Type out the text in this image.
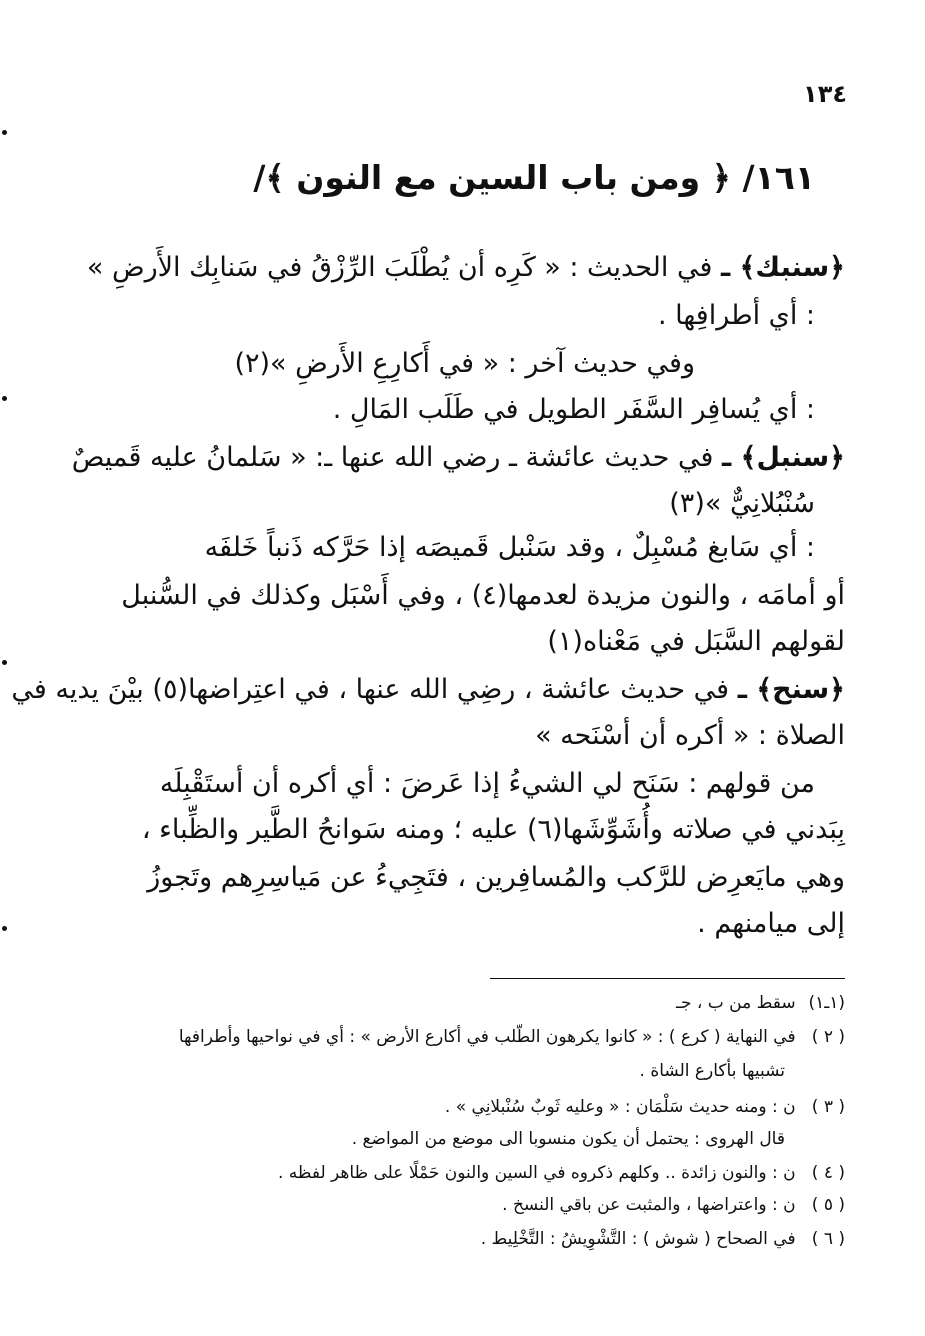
١٣٤
١٦١/ ﴿ ومن باب السين مع النون ﴾/
﴿سنبك﴾ ـ في الحديث : « كَرِه أن يُطْلَبَ الرِّزْقُ في سَنابِك الأَرضِ »
: أي أطرافِها .
وفي حديث آخر : « في أَكارِعِ الأَرضِ »(٢)
: أي يُسافِر السَّفَر الطويل في طَلَب المَالِ .
﴿سنبل﴾ ـ في حديث عائشة ـ رضي الله عنها ـ: « سَلمانُ عليه قَميصٌ
سُنْبُلانِيٌّ »(٣)
: أي سَابغ مُسْبِلٌ ، وقد سَنْبل قَميصَه إذا حَرَّكه ذَنباً خَلفَه
أو أمامَه ، والنون مزيدة لعدمها(٤) ، وفي أَسْبَل وكذلك في السُّنبل
لقولهم السَّبَل في مَعْناه(١)
﴿سنح﴾ ـ في حديث عائشة ، رضِي الله عنها ، في اعتِراضها(٥) بيْنَ يديه في
الصلاة : « أكره أن أسْنَحه »
من قولهم : سَنَح لي الشيءُ إذا عَرضَ : أي أكره أن أستَقْبِلَه
بِبَدني في صلاته وأُشَوِّشَها(٦) عليه ؛ ومنه سَوانحُ الطَّير والظِّباء ،
وهي مايَعرِض للرَّكب والمُسافِرين ، فتَجِيءُ عن مَياسِرِهم وتَجوزُ
إلى ميامنهم .
(١ـ١) سقط من ب ، جـ
( ٢ ) في النهاية ( كرع ) : « كانوا يكرهون الطّلب في أكارع الأرض » : أي في نواحيها وأطرافها
تشبيها بأكارع الشاة .
( ٣ ) ن : ومنه حديث سَلْمَان : « وعليه ثَوبٌ سُنْبلانِي » .
قال الهروى : يحتمل أن يكون منسوبا الى موضع من المواضع .
( ٤ ) ن : والنون زائدة .. وكلهم ذكروه في السين والنون حَمْلًا على ظاهر لفظه .
( ٥ ) ن : واعتراضها ، والمثبت عن باقي النسخ .
( ٦ ) في الصحاح ( شوش ) : التَّشْوِيشُ : التَّخْلِيط .
